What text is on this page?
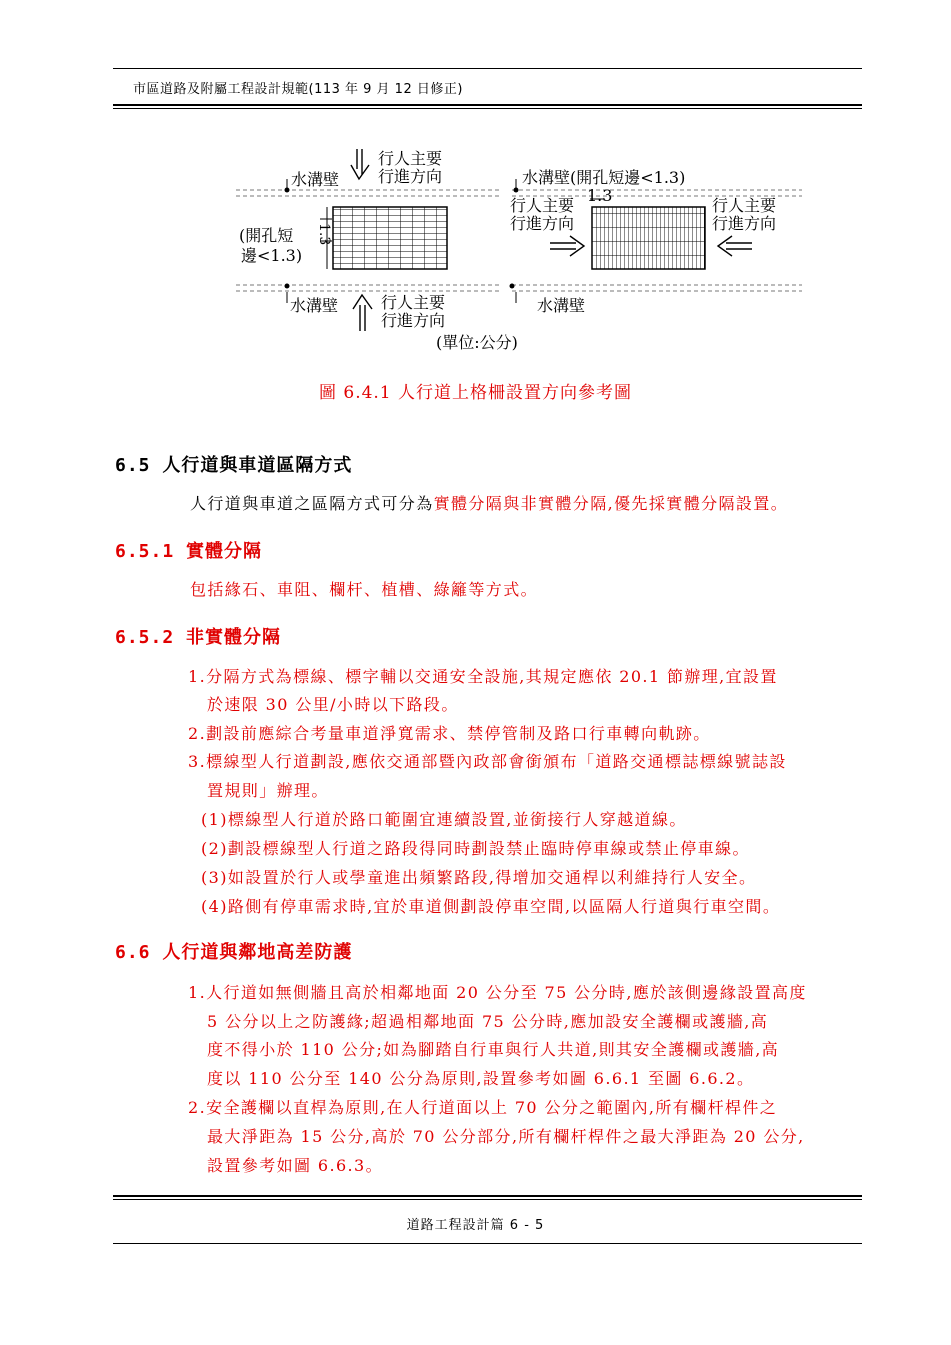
市區道路及附屬工程設計規範(113 年 9 月 12 日修正)
1.3
水溝壁
水溝壁
(開孔短
邊<1.3)
行人主要
行進方向
行人主要
行進方向
水溝壁(開孔短邊<1.3)
1.3
行人主要
行進方向
行人主要
行進方向
水溝壁
(單位:公分)
圖 6.4.1 人行道上格柵設置方向參考圖
6.5 人行道與車道區隔方式
人行道與車道之區隔方式可分為實體分隔與非實體分隔,優先採實體分隔設置。
6.5.1 實體分隔
包括緣石、車阻、欄杆、植槽、綠籬等方式。
6.5.2 非實體分隔
1.分隔方式為標線、標字輔以交通安全設施,其規定應依 20.1 節辦理,宜設置
於速限 30 公里/小時以下路段。
2.劃設前應綜合考量車道淨寬需求、禁停管制及路口行車轉向軌跡。
3.標線型人行道劃設,應依交通部暨內政部會銜頒布「道路交通標誌標線號誌設
置規則」辦理。
(1)標線型人行道於路口範圍宜連續設置,並銜接行人穿越道線。
(2)劃設標線型人行道之路段得同時劃設禁止臨時停車線或禁止停車線。
(3)如設置於行人或學童進出頻繁路段,得增加交通桿以利維持行人安全。
(4)路側有停車需求時,宜於車道側劃設停車空間,以區隔人行道與行車空間。
6.6 人行道與鄰地高差防護
1.人行道如無側牆且高於相鄰地面 20 公分至 75 公分時,應於該側邊緣設置高度
5 公分以上之防護緣;超過相鄰地面 75 公分時,應加設安全護欄或護牆,高
度不得小於 110 公分;如為腳踏自行車與行人共道,則其安全護欄或護牆,高
度以 110 公分至 140 公分為原則,設置參考如圖 6.6.1 至圖 6.6.2。
2.安全護欄以直桿為原則,在人行道面以上 70 公分之範圍內,所有欄杆桿件之
最大淨距為 15 公分,高於 70 公分部分,所有欄杆桿件之最大淨距為 20 公分,
設置參考如圖 6.6.3。
道路工程設計篇 6 - 5
